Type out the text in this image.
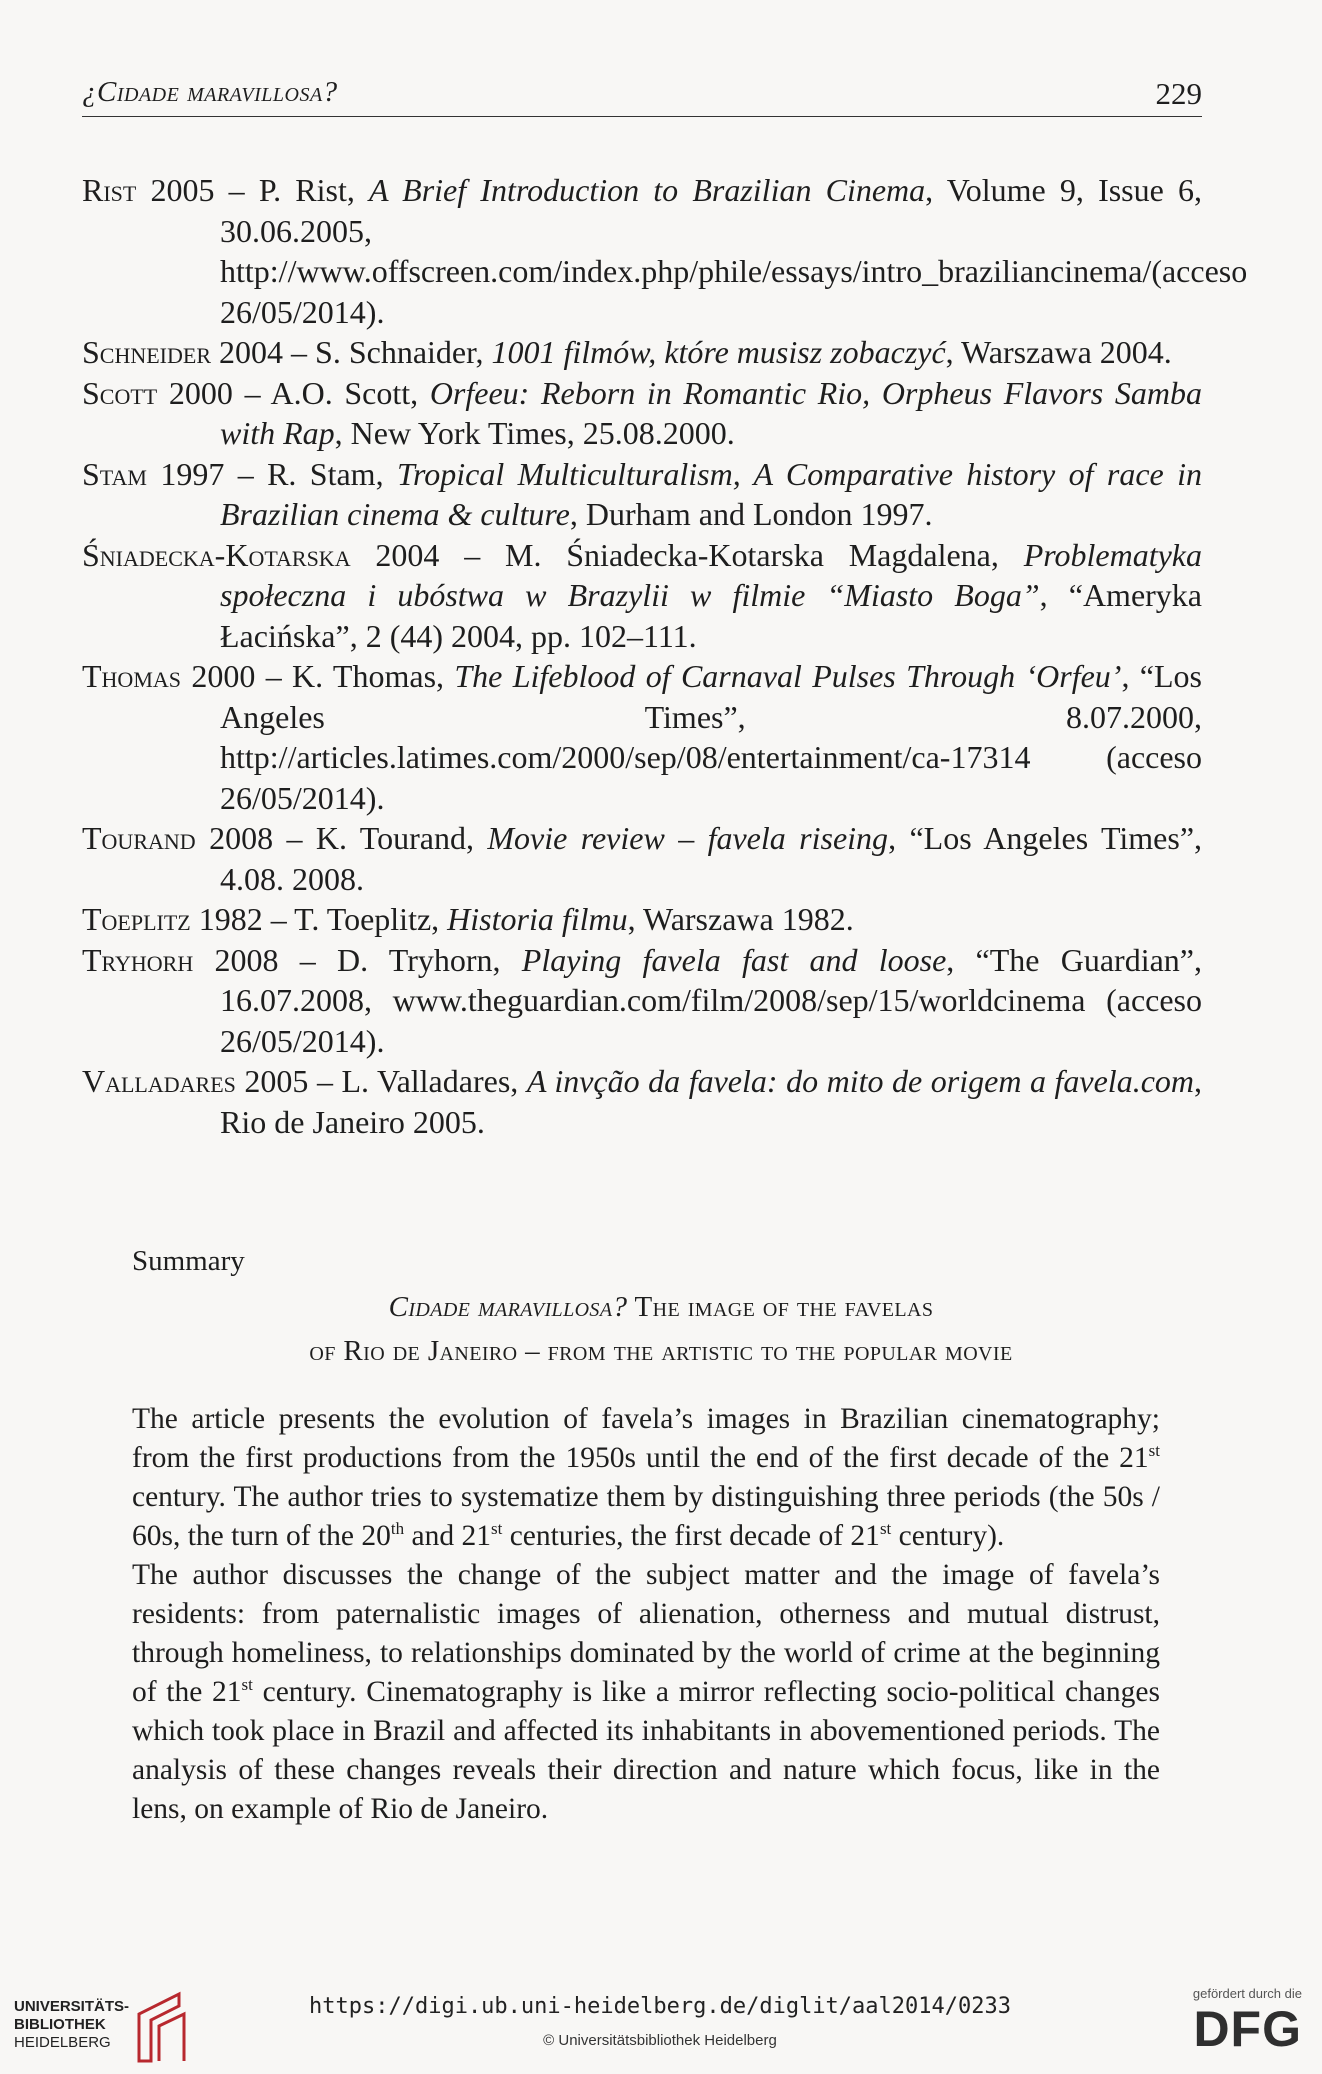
¿Cidade maravillosa?	229

Rist 2005 – P. Rist, A Brief Introduction to Brazilian Cinema, Volume 9, Issue 6, 30.06.2005, http://www.offscreen.com/index.php/phile/essays/intro_braziliancinema/(acceso 26/05/2014).

Schneider 2004 – S. Schnaider, 1001 filmów, które musisz zobaczyć, Warszawa 2004.

Scott 2000 – A.O. Scott, Orfeeu: Reborn in Romantic Rio, Orpheus Flavors Samba with Rap, New York Times, 25.08.2000.

Stam 1997 – R. Stam, Tropical Multiculturalism, A Comparative history of race in Brazilian cinema & culture, Durham and London 1997.

Śniadecka-Kotarska 2004 – M. Śniadecka-Kotarska Magdalena, Problematyka społeczna i ubóstwa w Brazylii w filmie “Miasto Boga”, “Ameryka Łacińska”, 2 (44) 2004, pp. 102–111.

Thomas 2000 – K. Thomas, The Lifeblood of Carnaval Pulses Through ‘Orfeu’, “Los Angeles Times”, 8.07.2000, http://articles.latimes.com/2000/sep/08/entertainment/ca-17314 (acceso 26/05/2014).

Tourand 2008 – K. Tourand, Movie review – favela riseing, “Los Angeles Times”, 4.08. 2008.

Toeplitz 1982 – T. Toeplitz, Historia filmu, Warszawa 1982.

Tryhorh 2008 – D. Tryhorn, Playing favela fast and loose, “The Guardian”, 16.07.2008, www.theguardian.com/film/2008/sep/15/worldcinema (acceso 26/05/2014).

Valladares 2005 – L. Valladares, A invção da favela: do mito de origem a favela.com, Rio de Janeiro 2005.

Summary
Cidade maravillosa? The image of the favelas
of Rio de Janeiro – from the artistic to the popular movie

The article presents the evolution of favela’s images in Brazilian cinematography; from the first productions from the 1950s until the end of the first decade of the 21st century. The author tries to systematize them by distinguishing three periods (the 50s / 60s, the turn of the 20th and 21st centuries, the first decade of 21st century).

The author discusses the change of the subject matter and the image of favela’s residents: from paternalistic images of alienation, otherness and mutual distrust, through homeliness, to relationships dominated by the world of crime at the beginning of the 21st century. Cinematography is like a mirror reflecting socio-political changes which took place in Brazil and affected its inhabitants in abovementioned periods. The analysis of these changes reveals their direction and nature which focus, like in the lens, on example of Rio de Janeiro.

UNIVERSITÄTS-
BIBLIOTHEK
HEIDELBERG
https://digi.ub.uni-heidelberg.de/diglit/aal2014/0233
© Universitätsbibliothek Heidelberg
gefördert durch die
DFG
